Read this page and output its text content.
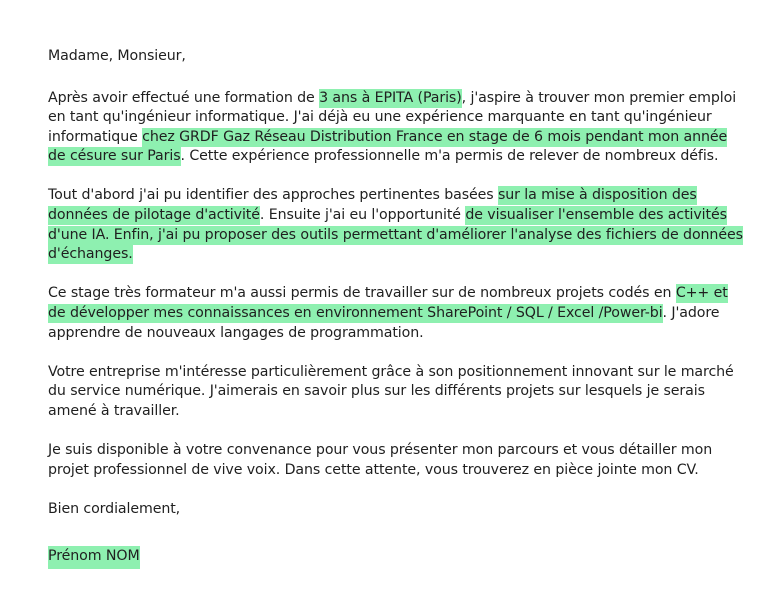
Madame, Monsieur,

Après avoir effectué une formation de 3 ans à EPITA (Paris), j'aspire à trouver mon premier emploi en tant qu'ingénieur informatique. J'ai déjà eu une expérience marquante en tant qu'ingénieur informatique chez GRDF Gaz Réseau Distribution France en stage de 6 mois pendant mon année de césure sur Paris. Cette expérience professionnelle m'a permis de relever de nombreux défis.

Tout d'abord j'ai pu identifier des approches pertinentes basées sur la mise à disposition des données de pilotage d'activité. Ensuite j'ai eu l'opportunité de visualiser l'ensemble des activités d'une IA. Enfin, j'ai pu proposer des outils permettant d'améliorer l'analyse des fichiers de données d'échanges.

Ce stage très formateur m'a aussi permis de travailler sur de nombreux projets codés en C++ et de développer mes connaissances en environnement SharePoint / SQL / Excel /Power-bi. J'adore apprendre de nouveaux langages de programmation.

Votre entreprise m'intéresse particulièrement grâce à son positionnement innovant sur le marché du service numérique. J'aimerais en savoir plus sur les différents projets sur lesquels je serais amené à travailler.

Je suis disponible à votre convenance pour vous présenter mon parcours et vous détailler mon projet professionnel de vive voix. Dans cette attente, vous trouverez en pièce jointe mon CV.

Bien cordialement,

Prénom NOM
